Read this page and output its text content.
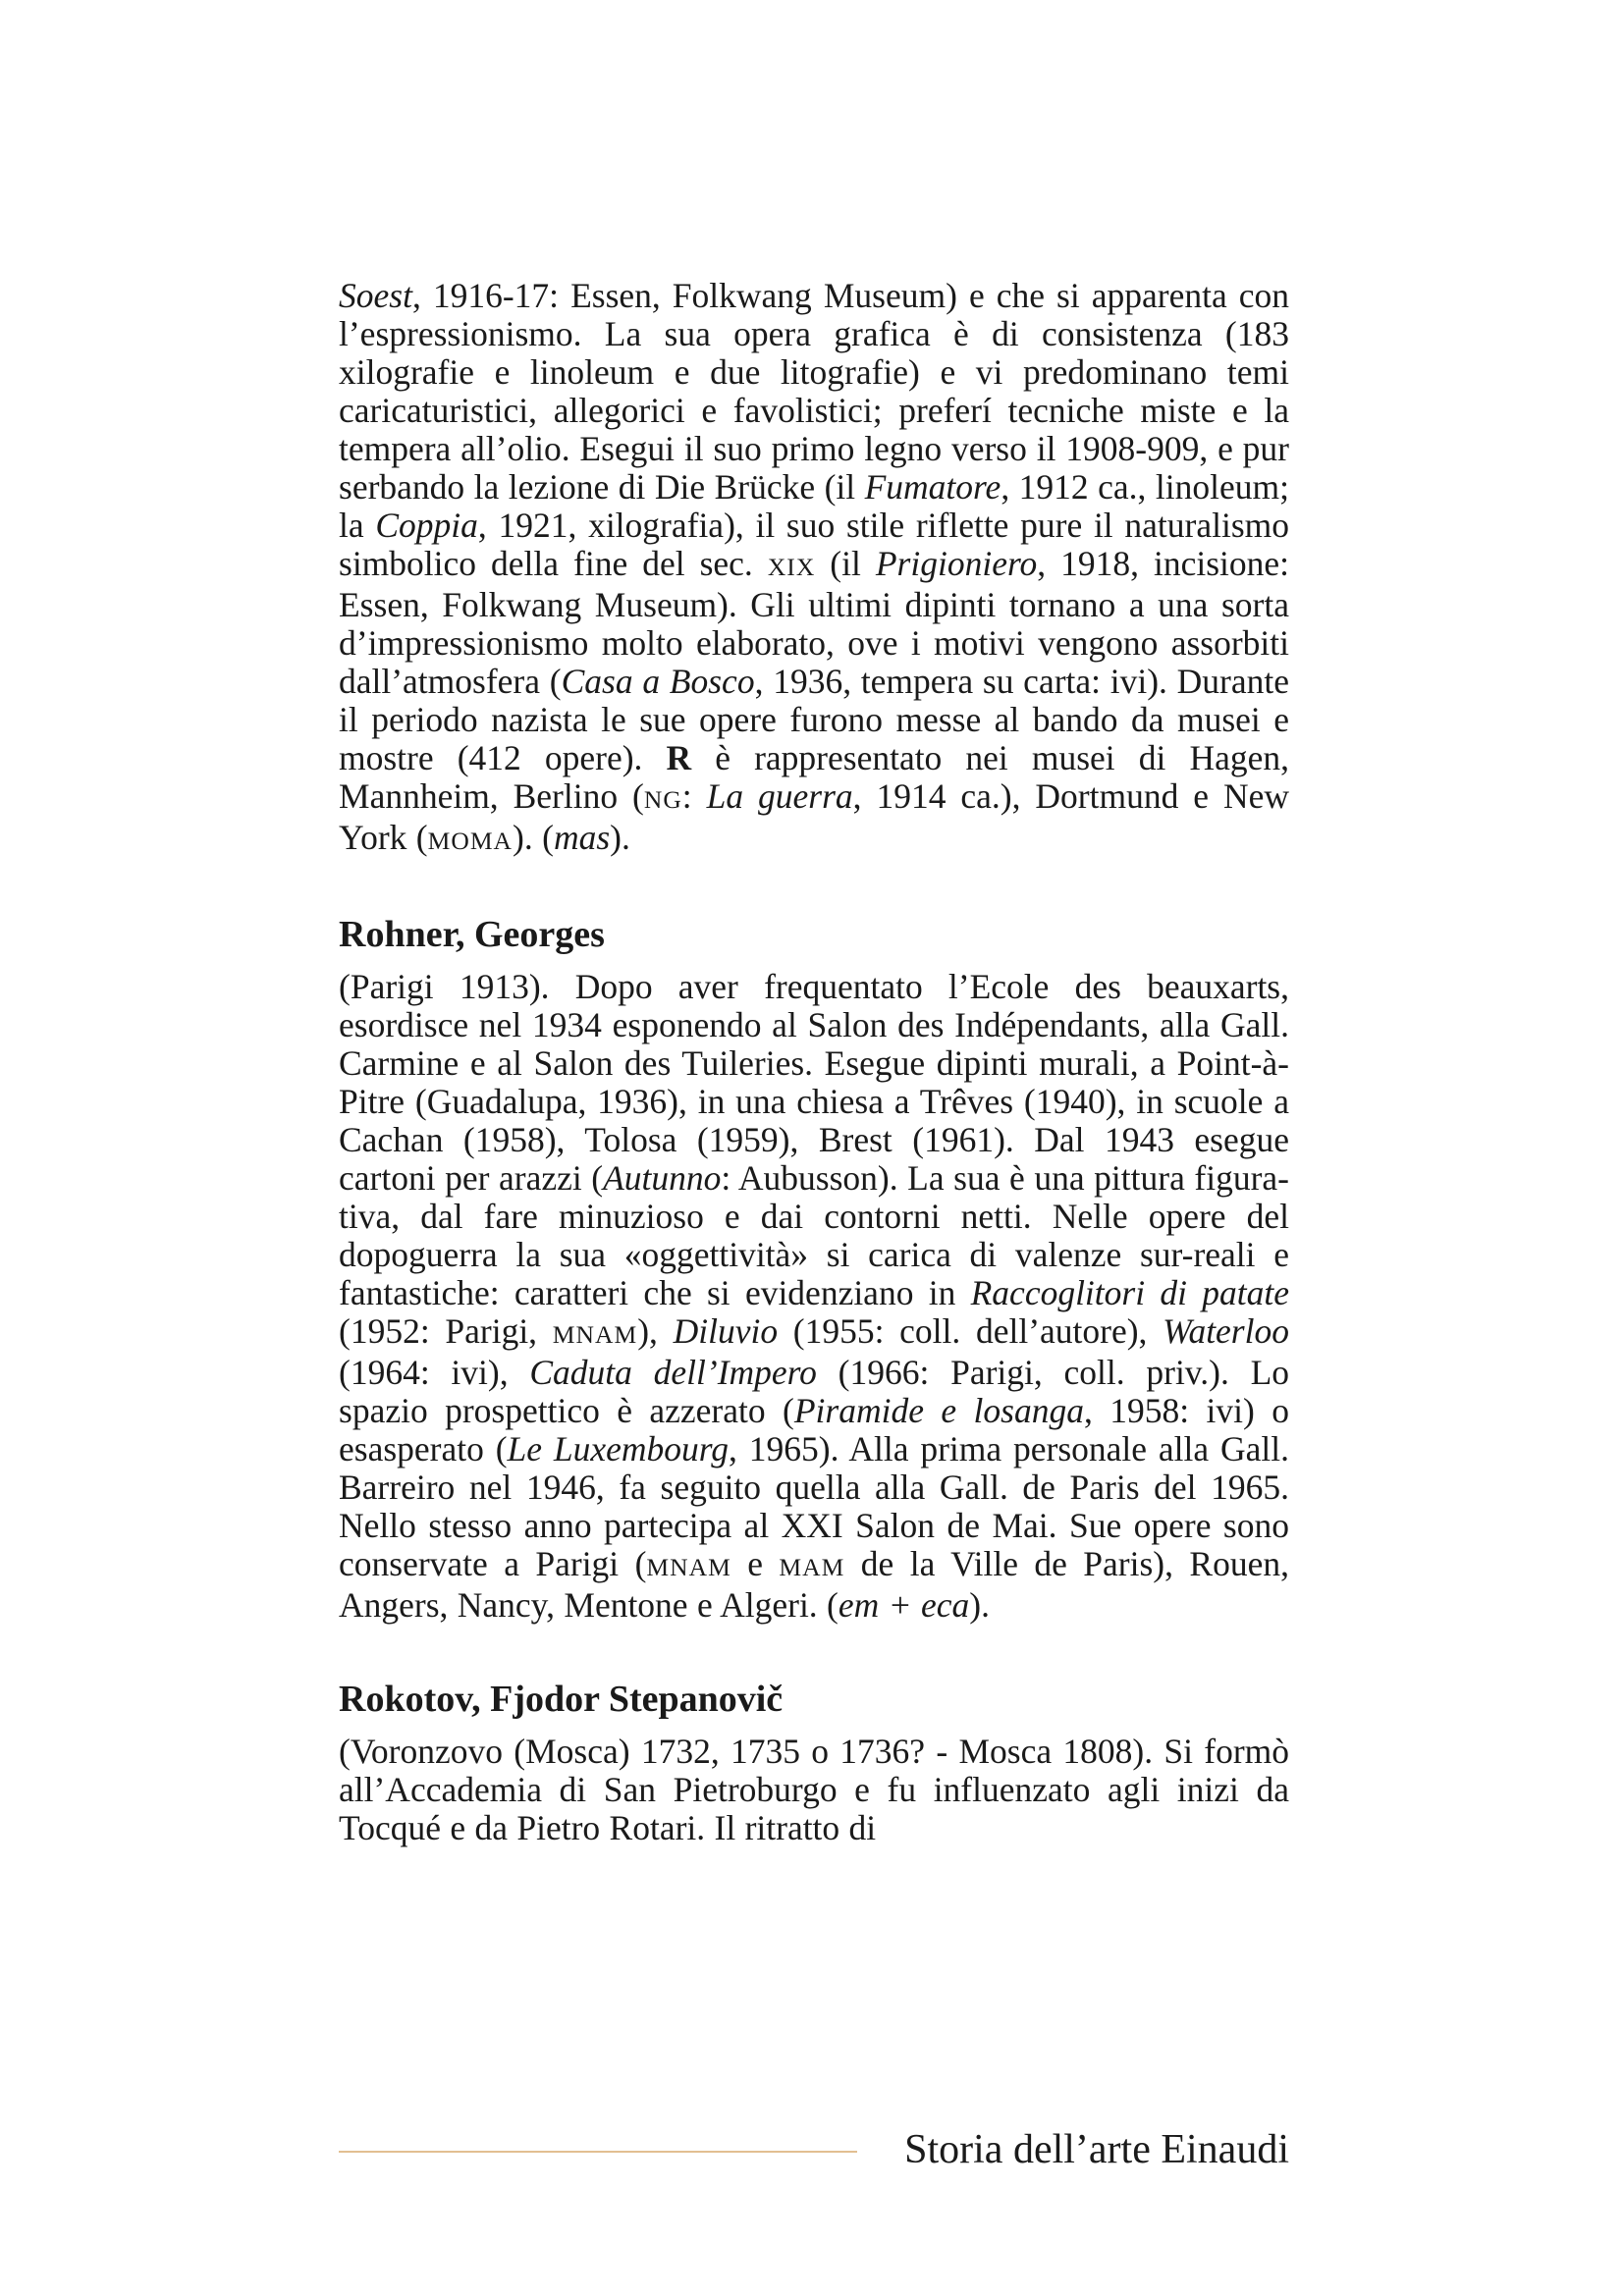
Soest, 1916-17: Essen, Folkwang Museum) e che si apparenta con l’espressionismo. La sua opera grafica è di consistenza (183 xilografie e linoleum e due litografie) e vi predominano temi caricaturistici, allegorici e favolistici; preferí tecniche miste e la tempera all’olio. Esegui il suo primo legno verso il 1908-909, e pur serbando la lezione di Die Brücke (il Fumatore, 1912 ca., linoleum; la Coppia, 1921, xilografia), il suo stile riflette pure il naturalismo simbolico della fine del sec. XIX (il Prigioniero, 1918, incisione: Essen, Folkwang Museum). Gli ultimi dipinti tornano a una sorta d’impressionismo molto elaborato, ove i motivi vengono assorbiti dall’atmosfera (Casa a Bosco, 1936, tempera su carta: ivi). Durante il periodo nazista le sue opere furono messe al bando da musei e mostre (412 opere). R è rappresentato nei musei di Hagen, Mannheim, Berlino (NG: La guerra, 1914 ca.), Dortmund e New York (MOMA). (mas).

Rohner, Georges

(Parigi 1913). Dopo aver frequentato l’Ecole des beauxarts, esordisce nel 1934 esponendo al Salon des Indépendants, alla Gall. Carmine e al Salon des Tuileries. Esegue dipinti murali, a Point-à-Pitre (Guadalupa, 1936), in una chiesa a Trêves (1940), in scuole a Cachan (1958), Tolosa (1959), Brest (1961). Dal 1943 esegue cartoni per arazzi (Autunno: Aubusson). La sua è una pittura figurativa, dal fare minuzioso e dai contorni netti. Nelle opere del dopoguerra la sua «oggettività» si carica di valenze sur-reali e fantastiche: caratteri che si evidenziano in Raccoglitori di patate (1952: Parigi, MNAM), Diluvio (1955: coll. dell’autore), Waterloo (1964: ivi), Caduta dell’Impero (1966: Parigi, coll. priv.). Lo spazio prospettico è azzerato (Piramide e losanga, 1958: ivi) o esasperato (Le Luxembourg, 1965). Alla prima personale alla Gall. Barreiro nel 1946, fa seguito quella alla Gall. de Paris del 1965. Nello stesso anno partecipa al XXI Salon de Mai. Sue opere sono conservate a Parigi (MNAM e MAM de la Ville de Paris), Rouen, Angers, Nancy, Mentone e Algeri. (em + eca).

Rokotov, Fjodor Stepanovič

(Voronzovo (Mosca) 1732, 1735 o 1736? - Mosca 1808). Si formò all’Accademia di San Pietroburgo e fu influenzato agli inizi da Tocqué e da Pietro Rotari. Il ritratto di

Storia dell’arte Einaudi
